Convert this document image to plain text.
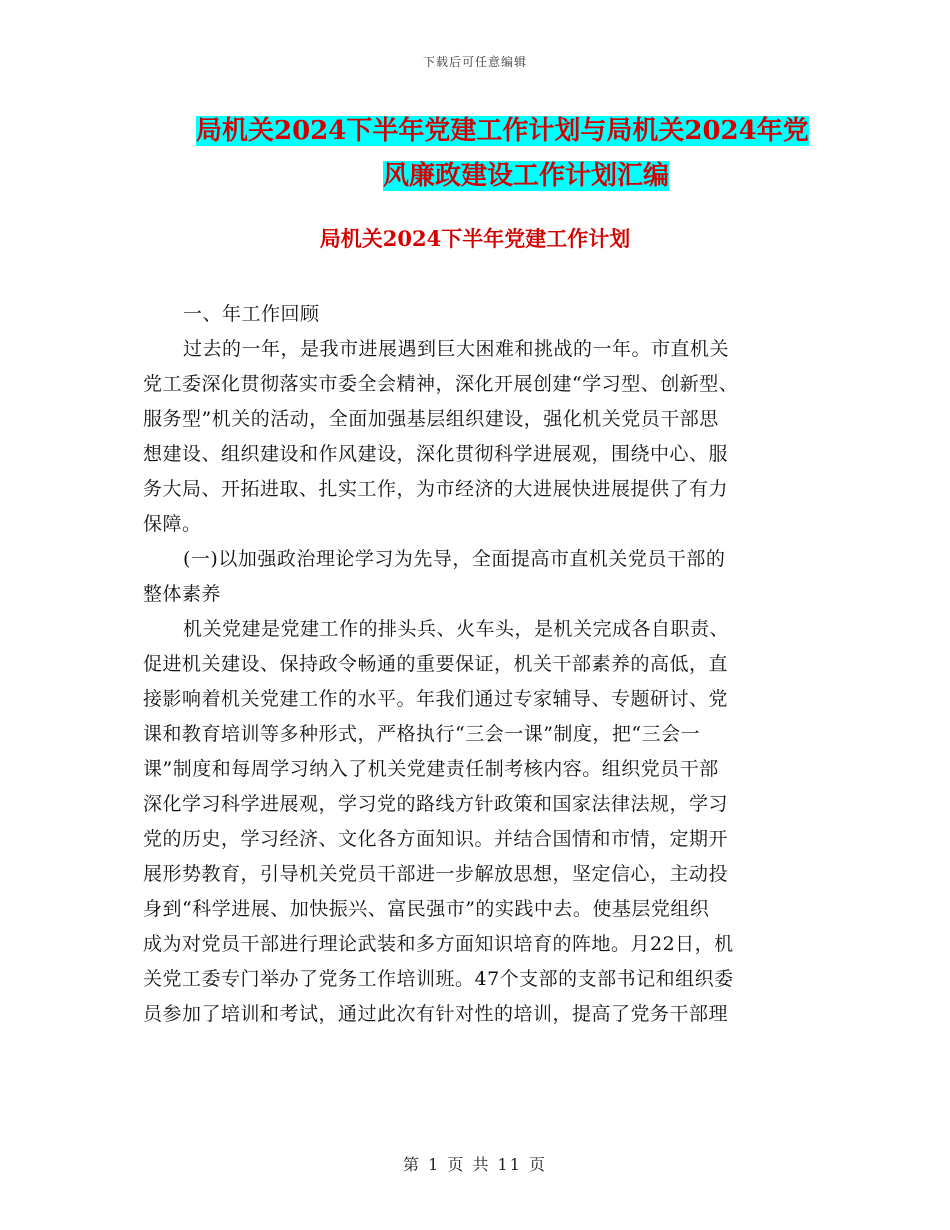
下载后可任意编辑
局机关2024下半年党建工作计划与局机关2024年党
风廉政建设工作计划汇编
局机关2024下半年党建工作计划
一、年工作回顾
过去的一年，是我市进展遇到巨大困难和挑战的一年。市直机关
党工委深化贯彻落实市委全会精神，深化开展创建“学习型、创新型、
服务型”机关的活动，全面加强基层组织建设，强化机关党员干部思
想建设、组织建设和作风建设，深化贯彻科学进展观，围绕中心、服
务大局、开拓进取、扎实工作，为市经济的大进展快进展提供了有力
保障。
(一)以加强政治理论学习为先导，全面提高市直机关党员干部的
整体素养
机关党建是党建工作的排头兵、火车头，是机关完成各自职责、
促进机关建设、保持政令畅通的重要保证，机关干部素养的高低，直
接影响着机关党建工作的水平。年我们通过专家辅导、专题研讨、党
课和教育培训等多种形式，严格执行“三会一课”制度，把“三会一
课”制度和每周学习纳入了机关党建责任制考核内容。组织党员干部
深化学习科学进展观，学习党的路线方针政策和国家法律法规，学习
党的历史，学习经济、文化各方面知识。并结合国情和市情，定期开
展形势教育，引导机关党员干部进一步解放思想，坚定信心，主动投
身到“科学进展、加快振兴、富民强市”的实践中去。使基层党组织
成为对党员干部进行理论武装和多方面知识培育的阵地。月22日，机
关党工委专门举办了党务工作培训班。47个支部的支部书记和组织委
员参加了培训和考试，通过此次有针对性的培训，提高了党务干部理
第 1 页 共 11 页
